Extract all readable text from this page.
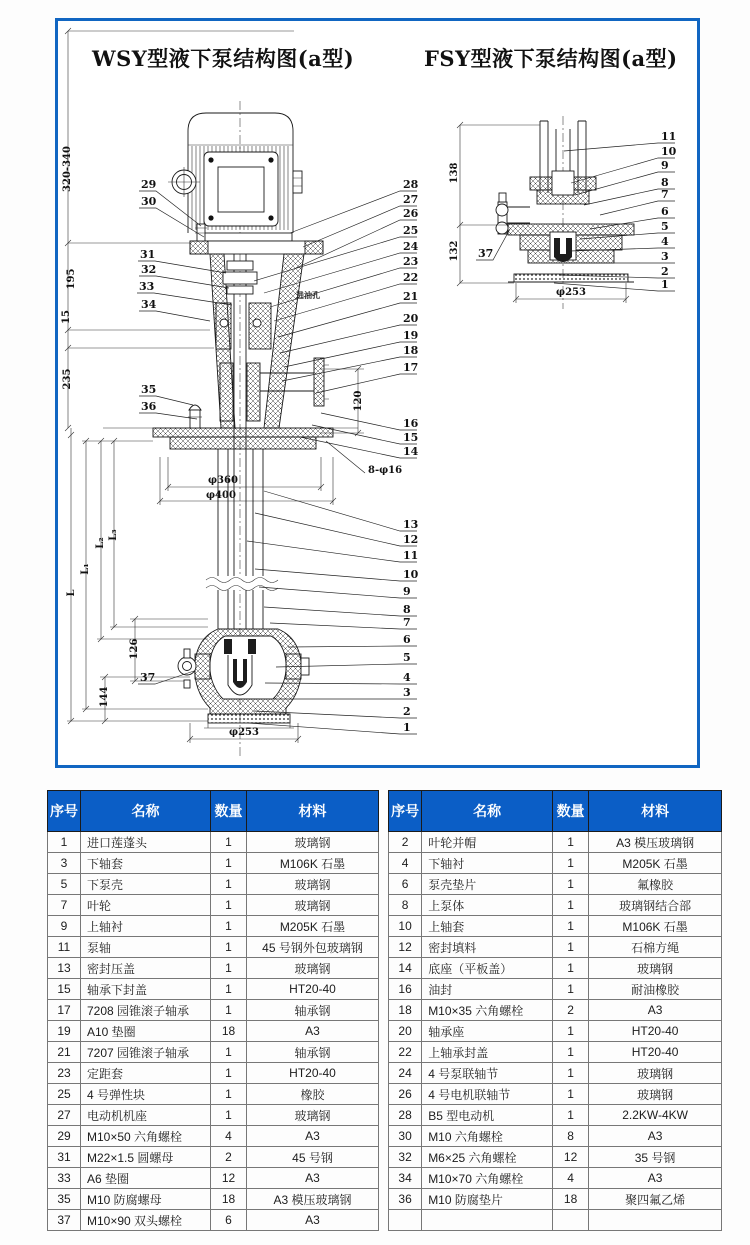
WSY型液下泵结构图(a型)	FSY型液下泵结构图(a型)
进油孔
29
30
31
32
33
34
35
36
37
28
27
26
25
24
23
22
21
20
19
18
17
16
15
14
13
12
11
10
9
8
7
6
5
4
3
2
1
320-340
195
15
235
L₁
L₂
L₃
L
126
144
120
8-φ16
φ360
φ400
φ253
37
11
10
9
8
7
6
5
4
3
2
1
138
132
φ253
序号	名称	数量	材料
1	进口莲蓬头	1	玻璃钢
3	下轴套	1	M106K 石墨
5	下泵壳	1	玻璃钢
7	叶轮	1	玻璃钢
9	上轴衬	1	M205K 石墨
11	泵轴	1	45 号钢外包玻璃钢
13	密封压盖	1	玻璃钢
15	轴承下封盖	1	HT20-40
17	7208 园锥滚子轴承	1	轴承钢
19	A10 垫圈	18	A3
21	7207 园锥滚子轴承	1	轴承钢
23	定距套	1	HT20-40
25	4 号弹性块	1	橡胶
27	电动机机座	1	玻璃钢
29	M10×50 六角螺栓	4	A3
31	M22×1.5 圆螺母	2	45 号钢
33	A6 垫圈	12	A3
35	M10 防腐螺母	18	A3 模压玻璃钢
37	M10×90 双头螺栓	6	A3
序号	名称	数量	材料
2	叶轮并帽	1	A3 模压玻璃钢
4	下轴衬	1	M205K 石墨
6	泵壳垫片	1	氟橡胶
8	上泵体	1	玻璃钢结合部
10	上轴套	1	M106K 石墨
12	密封填料	1	石棉方绳
14	底座（平板盖）	1	玻璃钢
16	油封	1	耐油橡胶
18	M10×35 六角螺栓	2	A3
20	轴承座	1	HT20-40
22	上轴承封盖	1	HT20-40
24	4 号泵联轴节	1	玻璃钢
26	4 号电机联轴节	1	玻璃钢
28	B5 型电动机	1	2.2KW-4KW
30	M10 六角螺栓	8	A3
32	M6×25 六角螺栓	12	35 号钢
34	M10×70 六角螺栓	4	A3
36	M10 防腐垫片	18	聚四氟乙烯
